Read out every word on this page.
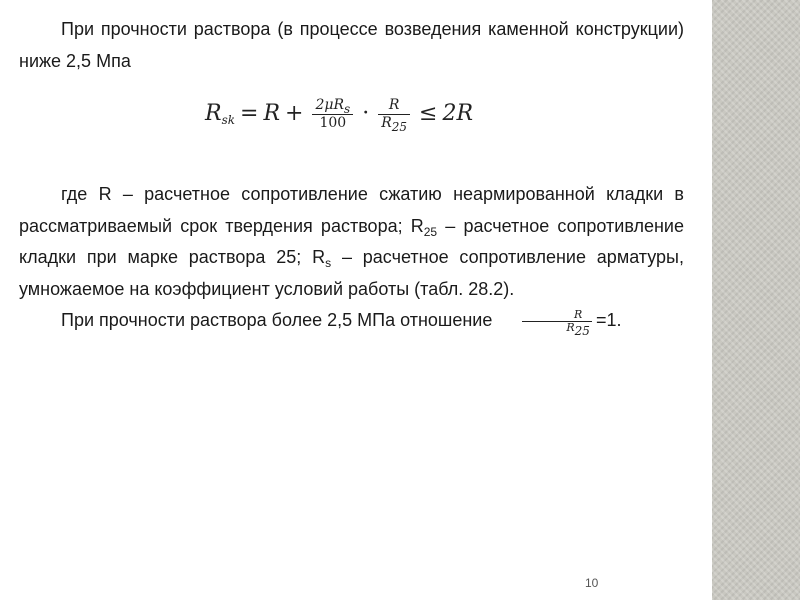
При прочности раствора (в процессе возведения каменной конструкции) ниже 2,5 Мпа

$R_{sk} = R + \frac{2\mu R_s}{100} \cdot \frac{R}{R_{25}} \le 2R$

где R – расчетное сопротивление сжатию неармированной кладки в рассматриваемый срок твердения раствора; $R_{25}$ – расчетное сопротивление кладки при марке раствора 25; $R_s$ – расчетное сопротивление арматуры, умножаемое на коэффициент условий работы (табл. 28.2).

При прочности раствора более 2,5 МПа отношение	$\frac{R}{R_{25}} =1$.

10
